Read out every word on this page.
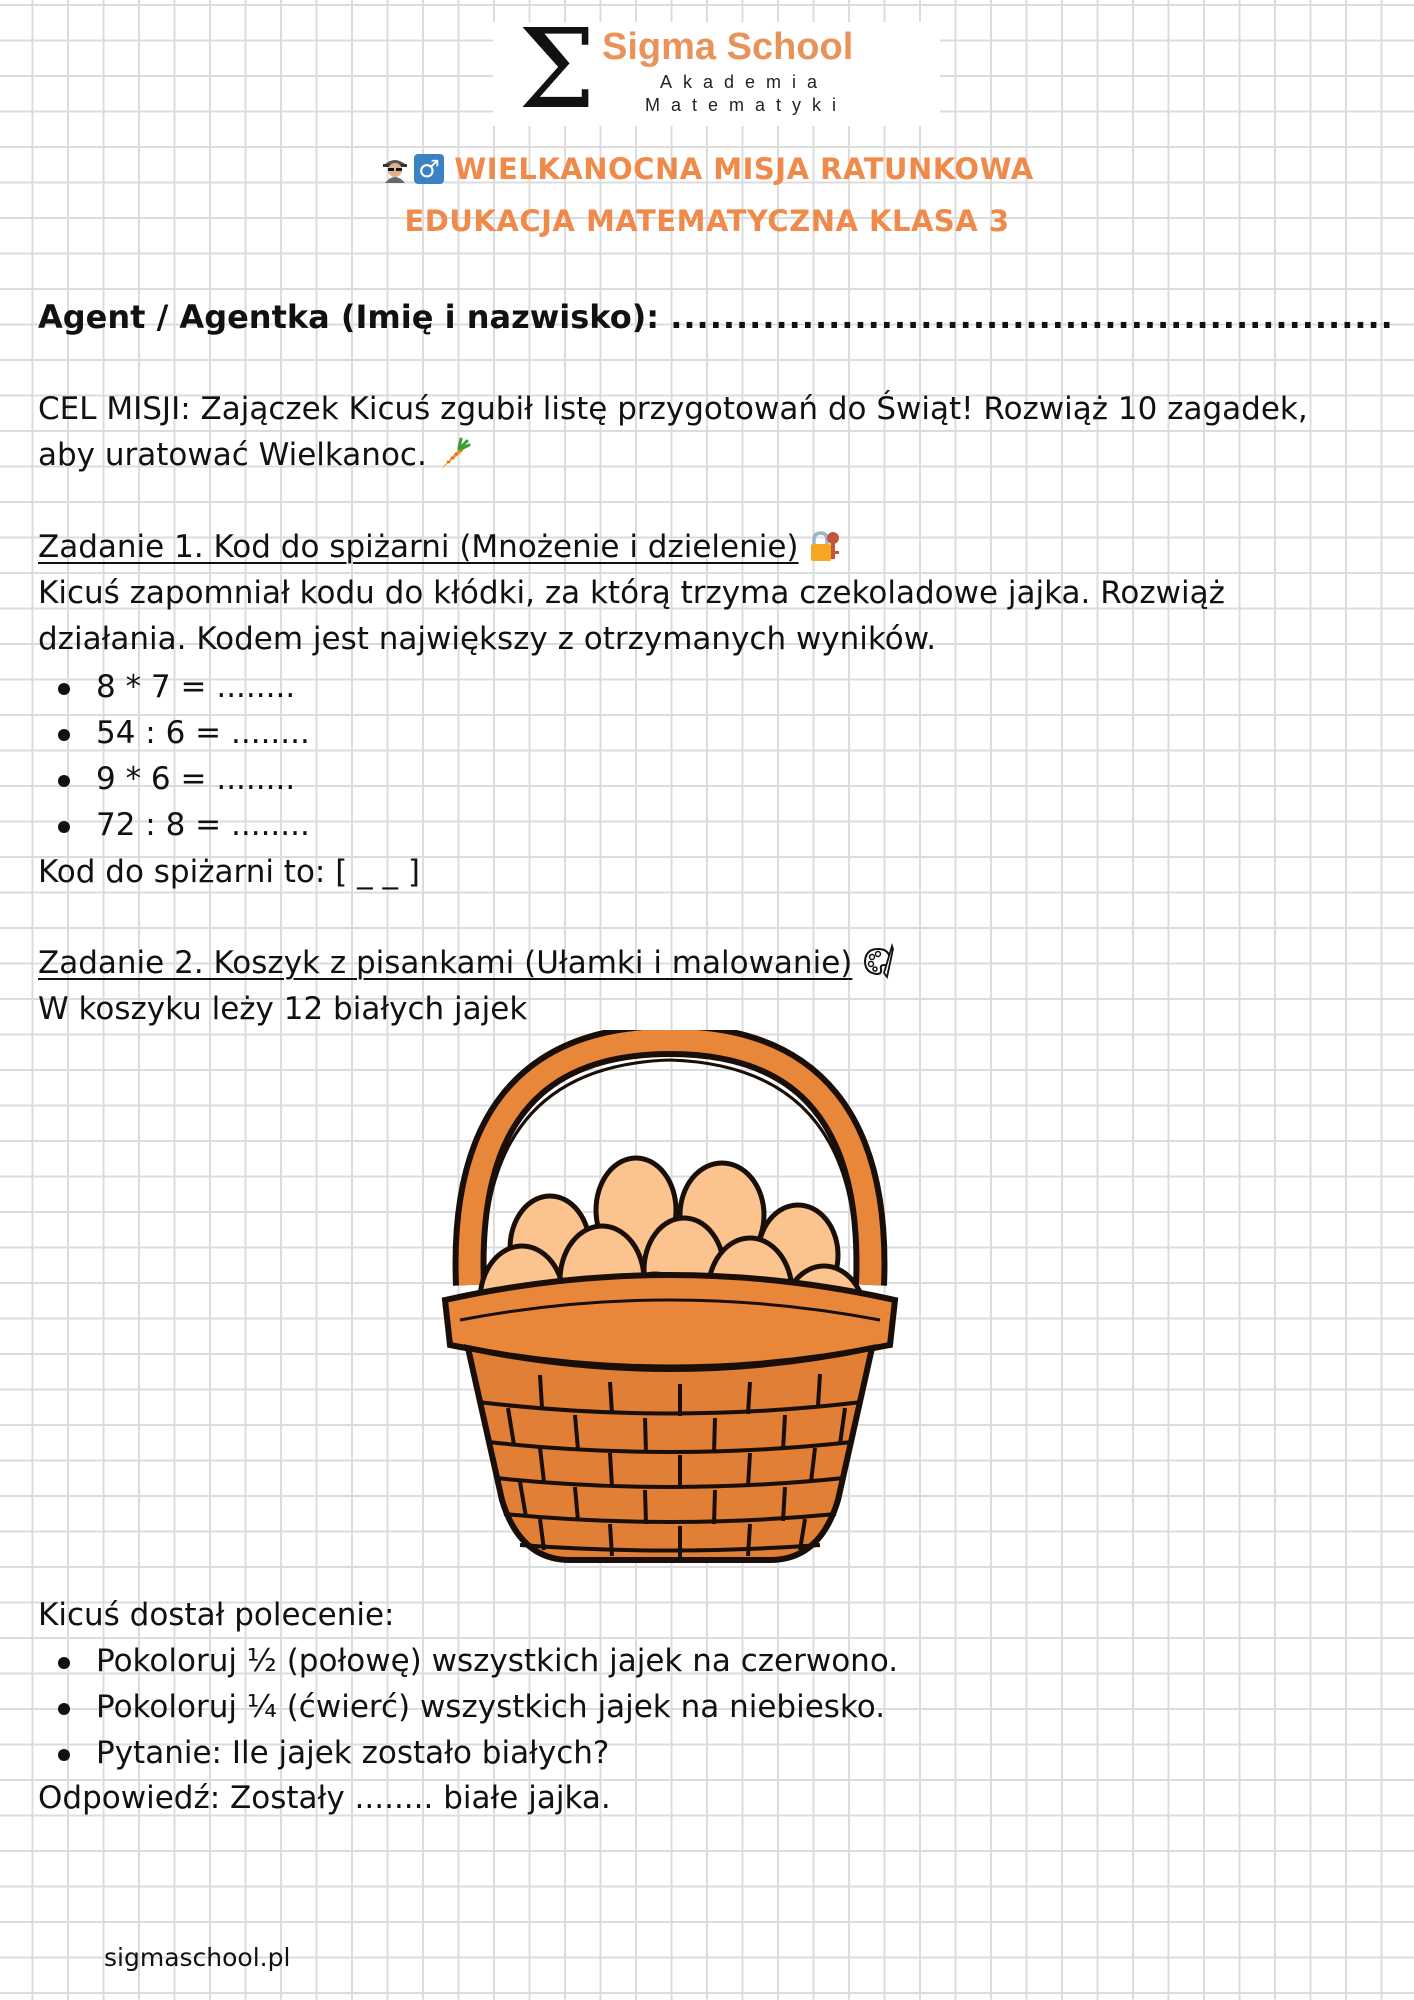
Σ Sigma School
Akademia
Matematyki
♂ WIELKANOCNA MISJA RATUNKOWA
EDUKACJA MATEMATYCZNA KLASA 3
Agent / Agentka (Imię i nazwisko): .......................................................
CEL MISJI: Zajączek Kicuś zgubił listę przygotowań do Świąt! Rozwiąż 10 zagadek,
aby uratować Wielkanoc.
Zadanie 1. Kod do spiżarni (Mnożenie i dzielenie)
Kicuś zapomniał kodu do kłódki, za którą trzyma czekoladowe jajka. Rozwiąż
działania. Kodem jest największy z otrzymanych wyników.
8 * 7 = ........
54 : 6 = ........
9 * 6 = ........
72 : 8 = ........
Kod do spiżarni to: [ _ _ ]
Zadanie 2. Koszyk z pisankami (Ułamki i malowanie)
W koszyku leży 12 białych jajek
Kicuś dostał polecenie:
Pokoloruj ½ (połowę) wszystkich jajek na czerwono.
Pokoloruj ¼ (ćwierć) wszystkich jajek na niebiesko.
Pytanie: Ile jajek zostało białych?
Odpowiedź: Zostały ........ białe jajka.
sigmaschool.pl
